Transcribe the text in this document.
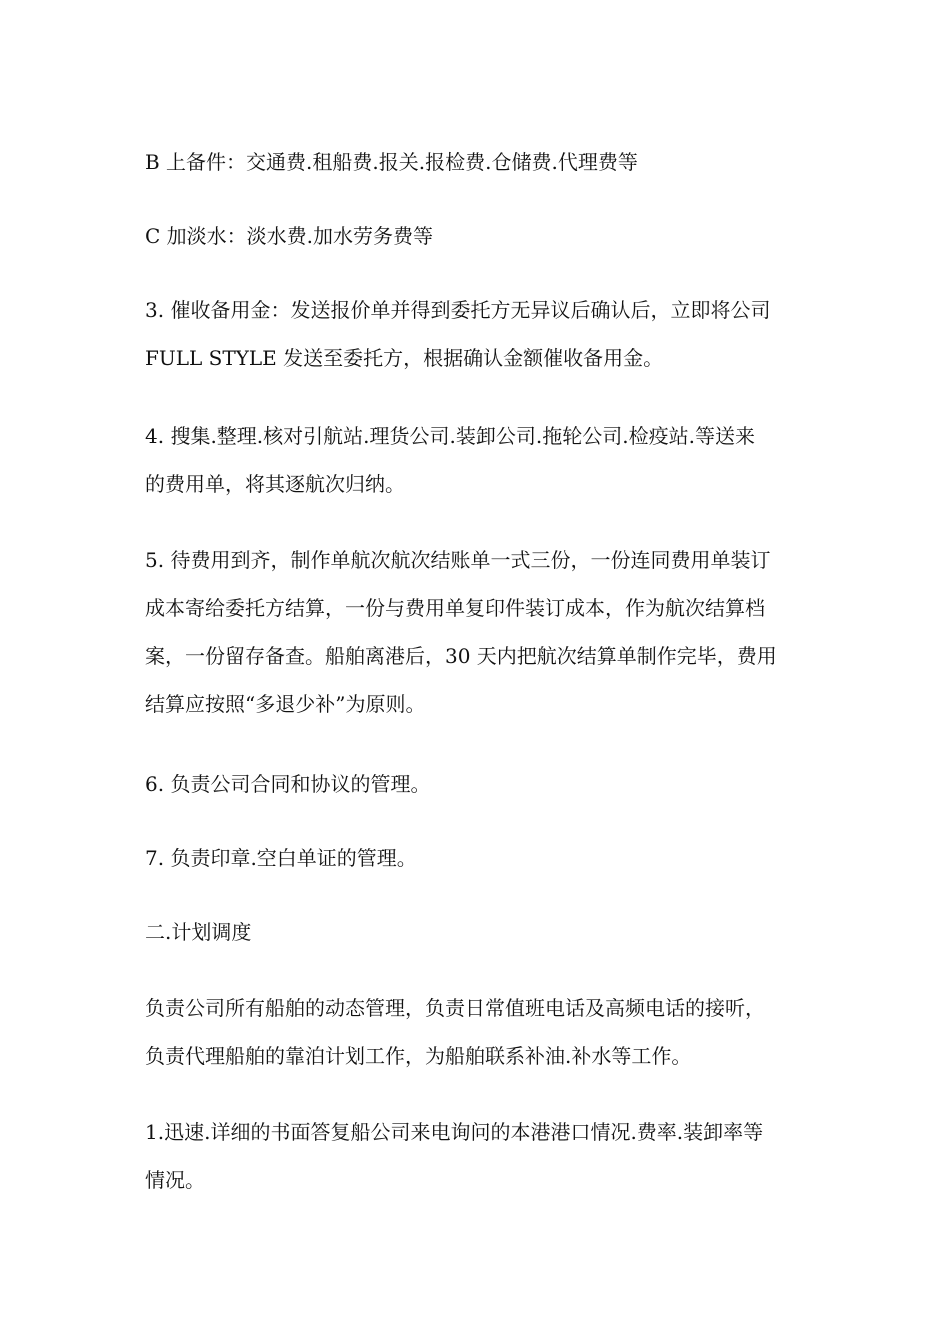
B 上备件：交通费.租船费.报关.报检费.仓储费.代理费等

C 加淡水：淡水费.加水劳务费等

3. 催收备用金：发送报价单并得到委托方无异议后确认后，立即将公司
FULL STYLE 发送至委托方，根据确认金额催收备用金。

4. 搜集.整理.核对引航站.理货公司.装卸公司.拖轮公司.检疫站.等送来
的费用单，将其逐航次归纳。

5. 待费用到齐，制作单航次航次结账单一式三份，一份连同费用单装订
成本寄给委托方结算，一份与费用单复印件装订成本，作为航次结算档
案，一份留存备查。船舶离港后，30 天内把航次结算单制作完毕，费用
结算应按照“多退少补”为原则。

6. 负责公司合同和协议的管理。

7. 负责印章.空白单证的管理。

二.计划调度

负责公司所有船舶的动态管理，负责日常值班电话及高频电话的接听，
负责代理船舶的靠泊计划工作，为船舶联系补油.补水等工作。

1.迅速.详细的书面答复船公司来电询问的本港港口情况.费率.装卸率等
情况。
